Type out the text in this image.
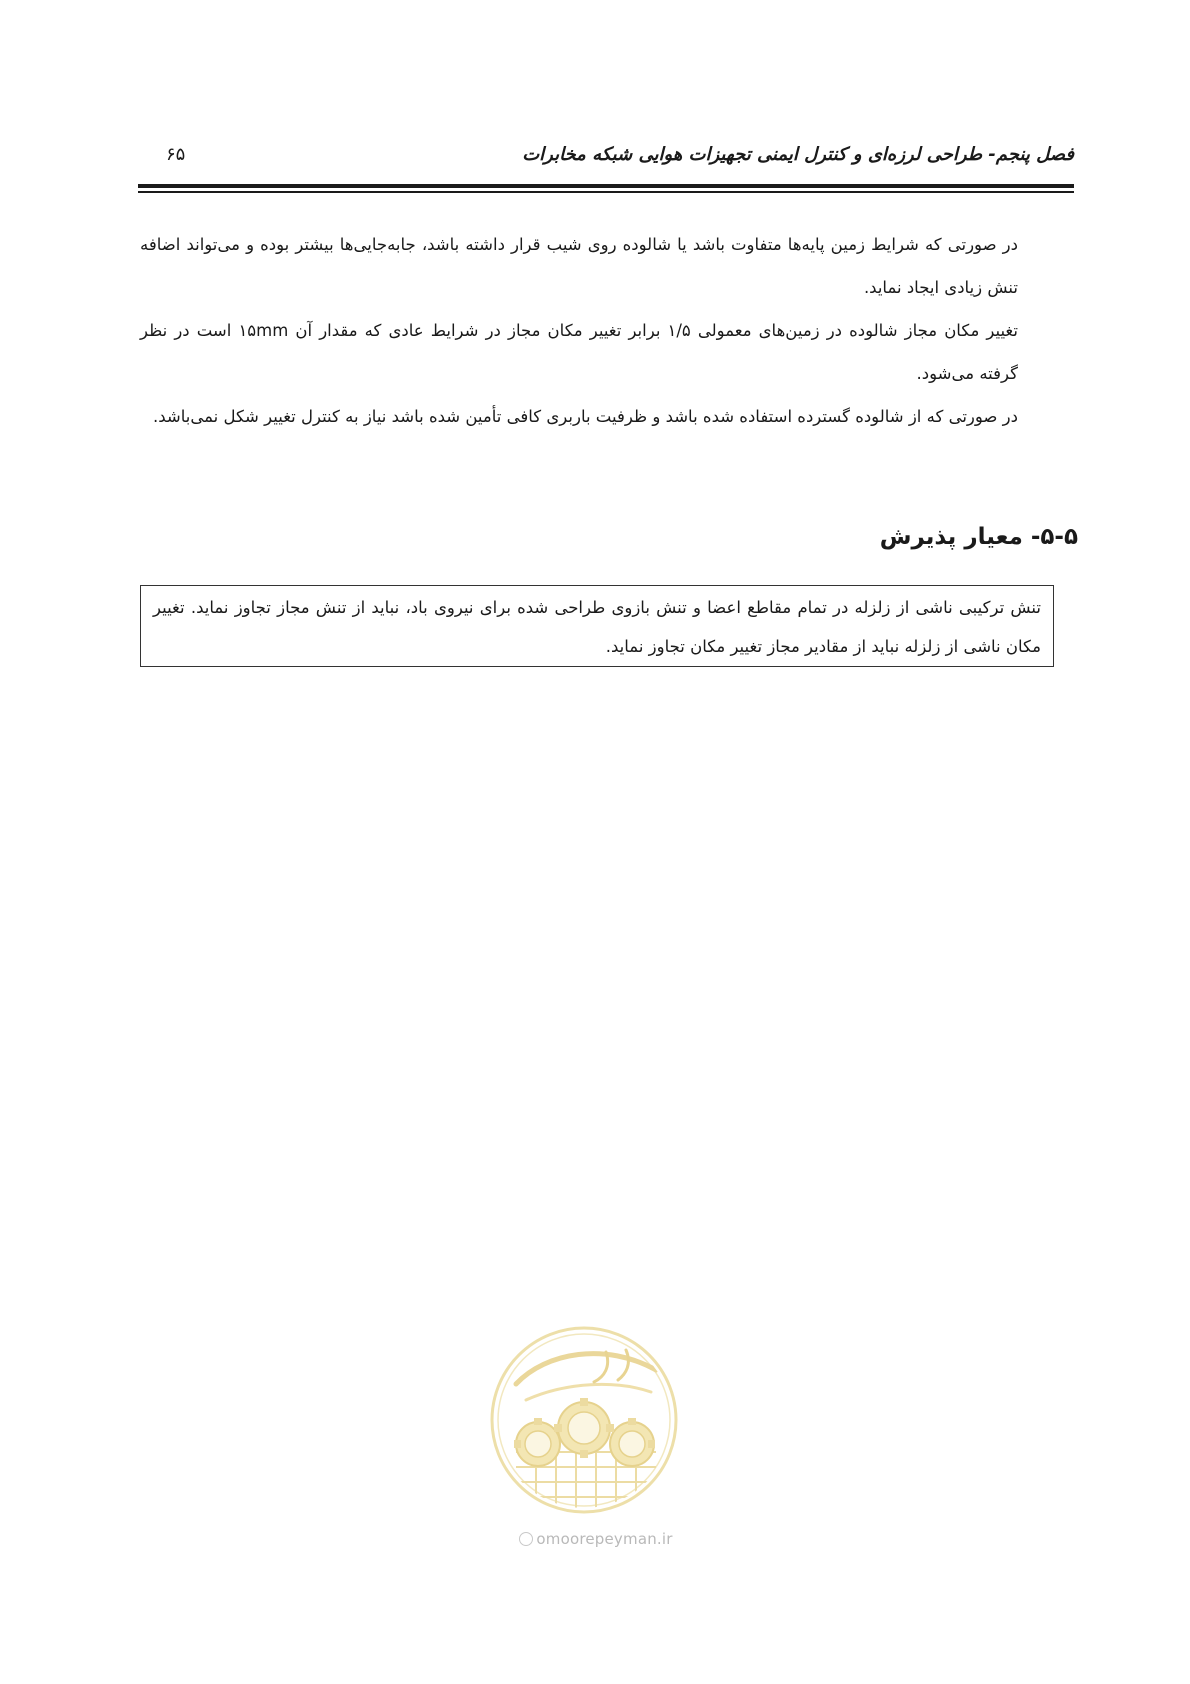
فصل پنجم- طراحی لرزه‌ای و کنترل ایمنی تجهیزات هوایی شبکه مخابرات
۶۵

در صورتی که شرایط زمین پایه‌ها متفاوت باشد یا شالوده روی شیب قرار داشته باشد، جابه‌جایی‌ها بیشتر بوده و می‌تواند اضافه تنش زیادی ایجاد نماید.

تغییر مکان مجاز شالوده در زمین‌های معمولی ۱/۵ برابر تغییر مکان مجاز در شرایط عادی که مقدار آن ۱۵mm است در نظر گرفته می‌شود.

در صورتی که از شالوده گسترده استفاده شده باشد و ظرفیت باربری کافی تأمین شده باشد نیاز به کنترل تغییر شکل نمی‌باشد.

۵-۵- معیار پذیرش
تنش ترکیبی ناشی از زلزله در تمام مقاطع اعضا و تنش بازوی طراحی شده برای نیروی باد، نباید از تنش مجاز تجاوز نماید. تغییر مکان ناشی از زلزله نباید از مقادیر مجاز تغییر مکان تجاوز نماید.
omoorepeyman.ir
